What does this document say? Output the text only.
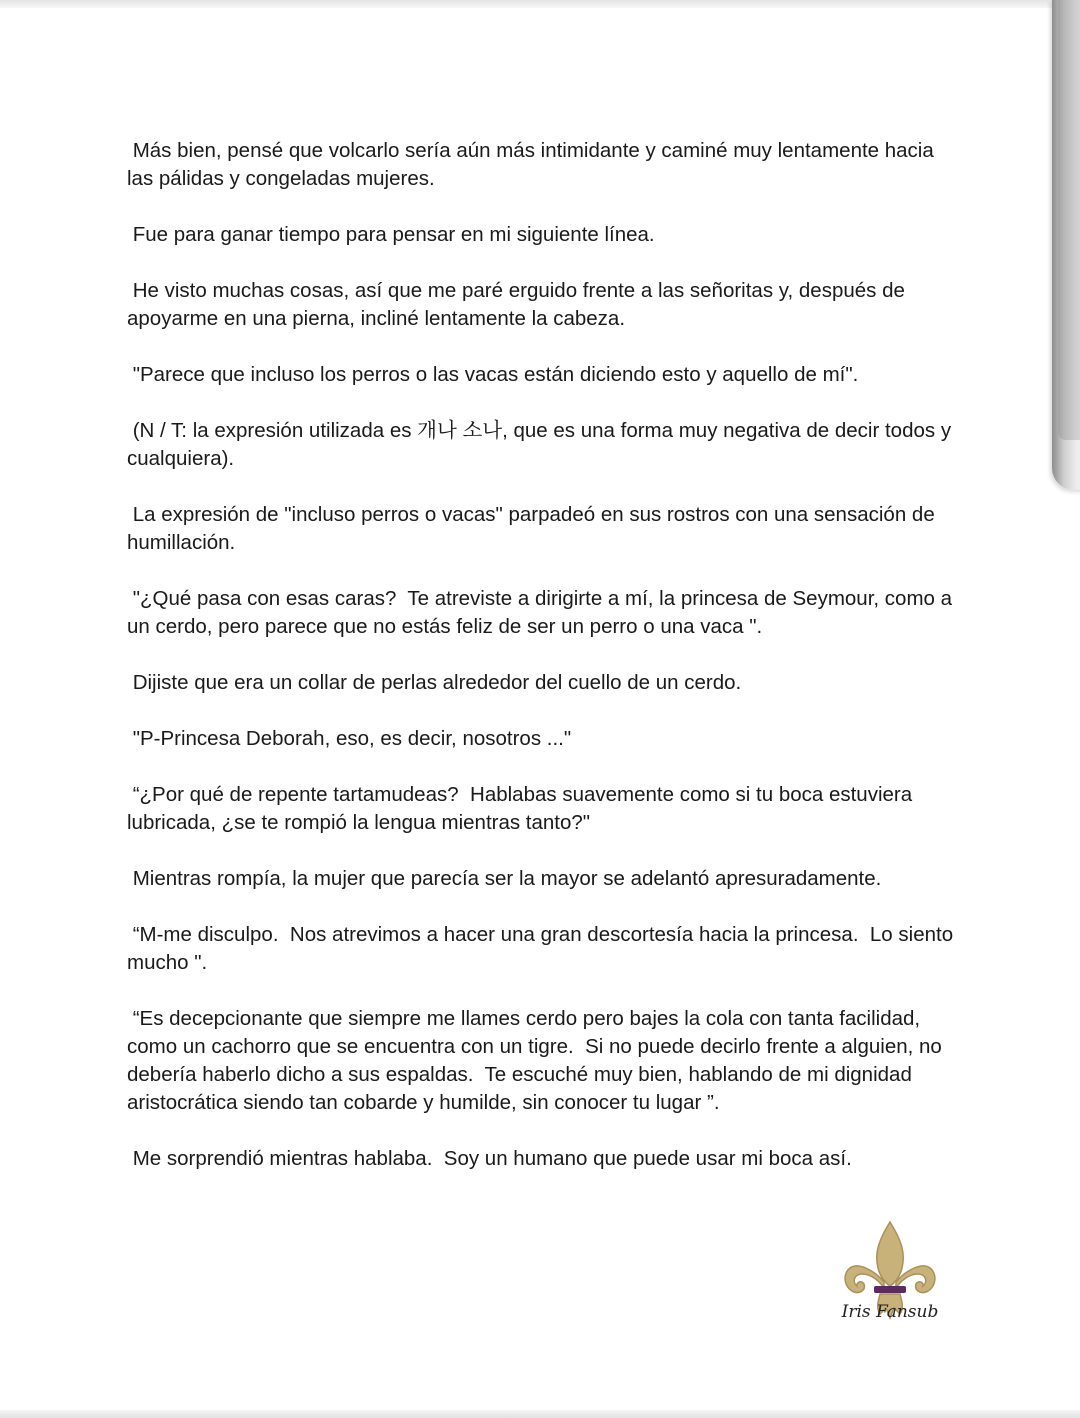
Más bien, pensé que volcarlo sería aún más intimidante y caminé muy lentamente hacia las pálidas y congeladas mujeres.

Fue para ganar tiempo para pensar en mi siguiente línea.

He visto muchas cosas, así que me paré erguido frente a las señoritas y, después de apoyarme en una pierna, incliné lentamente la cabeza.

"Parece que incluso los perros o las vacas están diciendo esto y aquello de mí".

(N / T: la expresión utilizada es 개나 소나, que es una forma muy negativa de decir todos y cualquiera).

La expresión de "incluso perros o vacas" parpadeó en sus rostros con una sensación de humillación.

"¿Qué pasa con esas caras?  Te atreviste a dirigirte a mí, la princesa de Seymour, como a un cerdo, pero parece que no estás feliz de ser un perro o una vaca ".

Dijiste que era un collar de perlas alrededor del cuello de un cerdo.

"P-Princesa Deborah, eso, es decir, nosotros ..."

“¿Por qué de repente tartamudeas?  Hablabas suavemente como si tu boca estuviera lubricada, ¿se te rompió la lengua mientras tanto?"

Mientras rompía, la mujer que parecía ser la mayor se adelantó apresuradamente.

“M-me disculpo.  Nos atrevimos a hacer una gran descortesía hacia la princesa.  Lo siento mucho ".

“Es decepcionante que siempre me llames cerdo pero bajes la cola con tanta facilidad, como un cachorro que se encuentra con un tigre.  Si no puede decirlo frente a alguien, no debería haberlo dicho a sus espaldas.  Te escuché muy bien, hablando de mi dignidad aristocrática siendo tan cobarde y humilde, sin conocer tu lugar ”.

Me sorprendió mientras hablaba.  Soy un humano que puede usar mi boca así.

Iris Fansub
